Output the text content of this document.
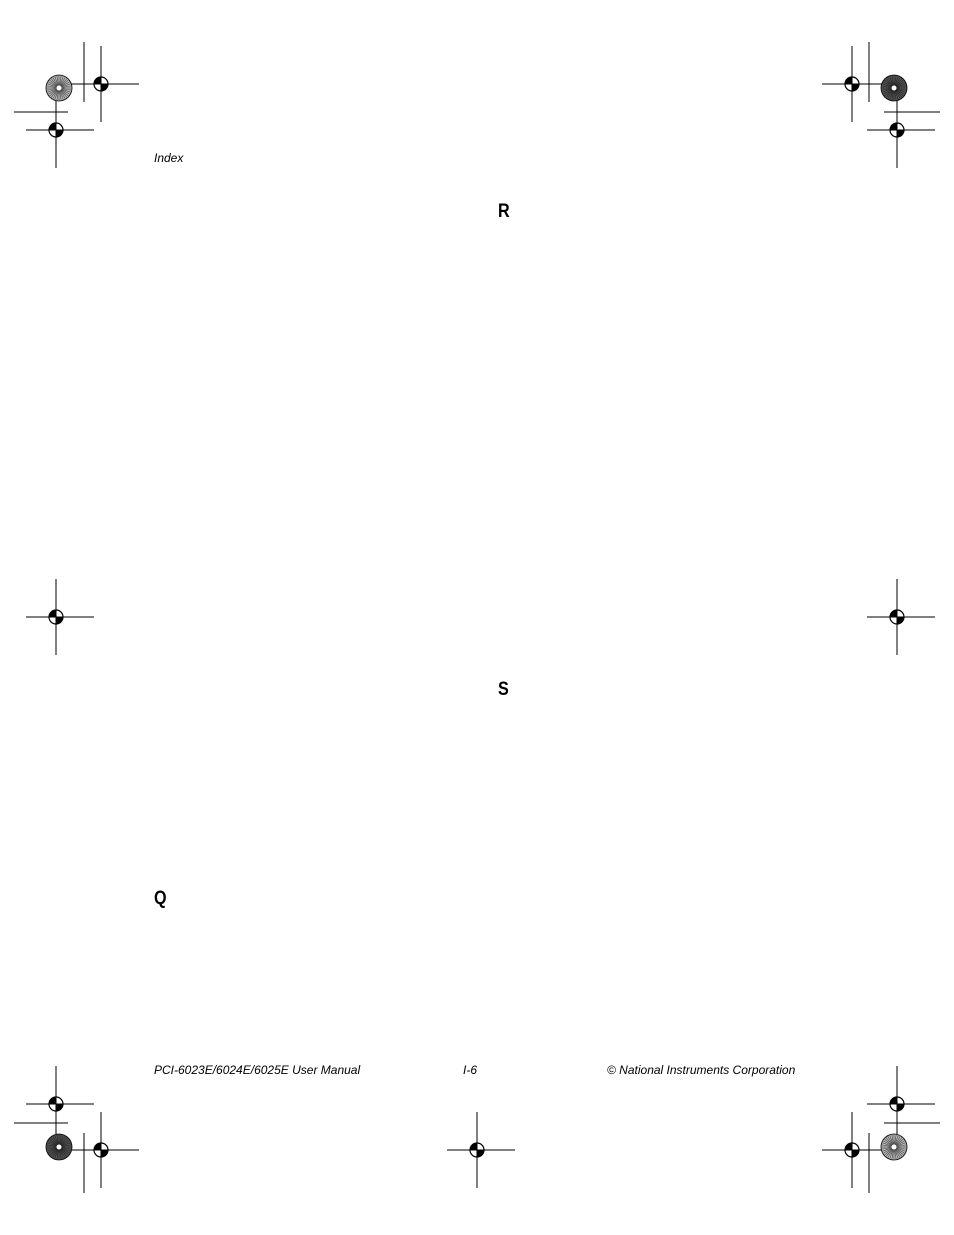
Index
R
S
Q
PCI-6023E/6024E/6025E User Manual	I-6	© National Instruments Corporation
